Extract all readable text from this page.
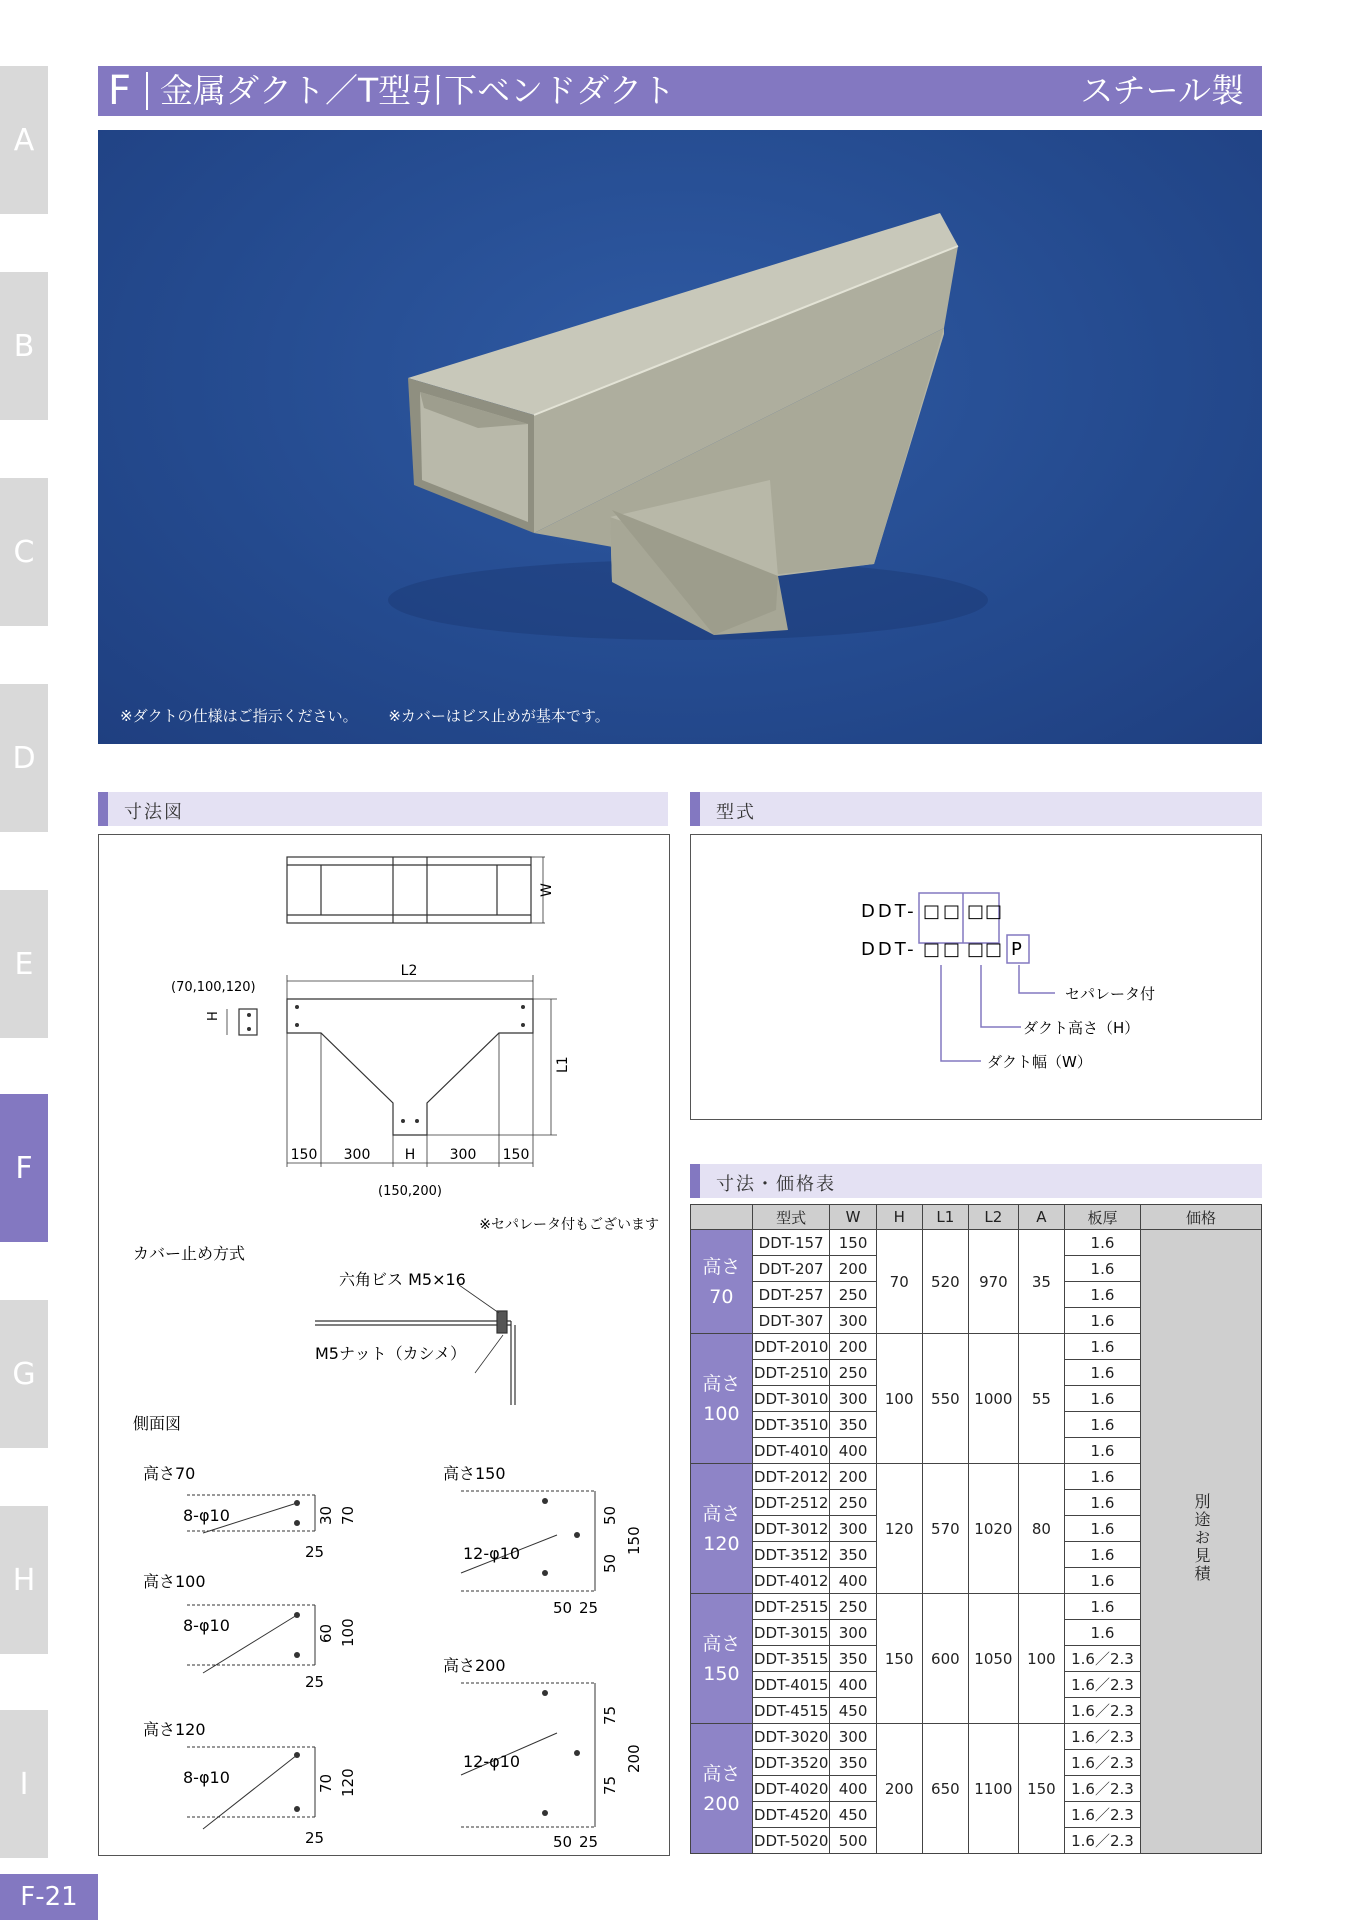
A
B
C
D
E
F
G
H
I
F-21
F 金属ダクト／T型引下ベンドダクト	スチール製
※ダクトの仕様はご指示ください。 ※カバーはビス止めが基本です。
寸法図	型式
寸法・価格表
W
L2
L1
(70,100,120)
H
150 300 H 300 150
(150,200)
※セパレータ付もございます
カバー止め方式
六角ビス M5×16
M5ナット（カシメ）
側面図
高さ70
8-φ10	30 70
25
高さ100
8-φ10	60 100
25
高さ120
8-φ10	70 120
25
高さ150
12-φ10
50
50
150
50 25
高さ200
12-φ10
75
75
200
50 25
DDT- □ □ □ □
DDT- □ □ □ □ P
セパレータ付
ダクト高さ（H）
ダクト幅（W）
	型式	W	H	L1	L2	A	板厚	価格
高さ
70	DDT-157	150	70	520	970	35	1.6	別途お見積
	DDT-207	200					1.6	
	DDT-257	250					1.6	
	DDT-307	300					1.6	
高さ
100	DDT-2010	200	100	550	1000	55	1.6	
	DDT-2510	250					1.6	
	DDT-3010	300					1.6	
	DDT-3510	350					1.6	
	DDT-4010	400					1.6	
高さ
120	DDT-2012	200	120	570	1020	80	1.6	
	DDT-2512	250					1.6	
	DDT-3012	300					1.6	
	DDT-3512	350					1.6	
	DDT-4012	400					1.6	
高さ
150	DDT-2515	250	150	600	1050	100	1.6	
	DDT-3015	300					1.6	
	DDT-3515	350					1.6／2.3	
	DDT-4015	400					1.6／2.3	
	DDT-4515	450					1.6／2.3	
高さ
200	DDT-3020	300	200	650	1100	150	1.6／2.3	
	DDT-3520	350					1.6／2.3	
	DDT-4020	400					1.6／2.3	
	DDT-4520	450					1.6／2.3	
	DDT-5020	500					1.6／2.3	
